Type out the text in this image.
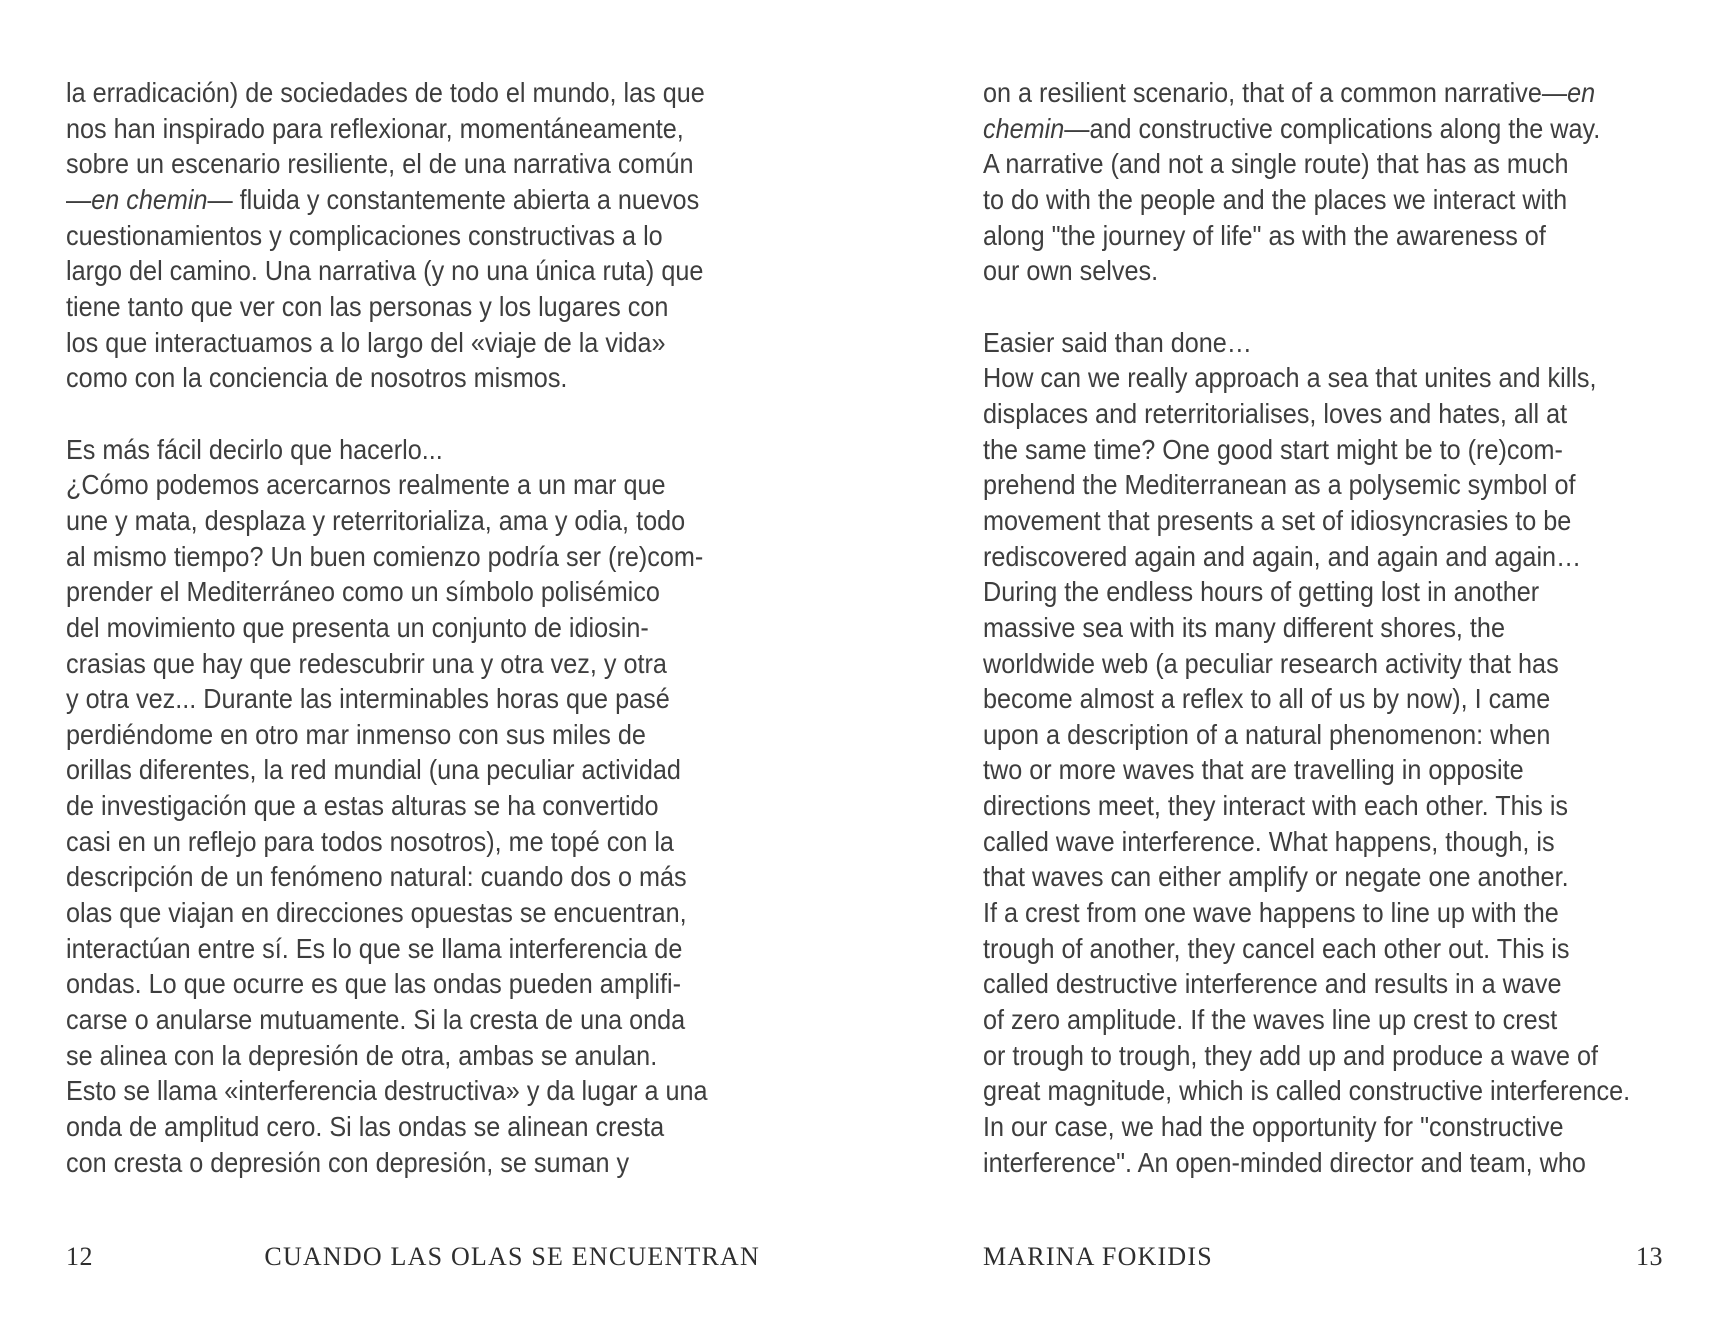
la erradicación) de sociedades de todo el mundo, las que
nos han inspirado para reflexionar, momentáneamente,
sobre un escenario resiliente, el de una narrativa común
—en chemin— fluida y constantemente abierta a nuevos
cuestionamientos y complicaciones constructivas a lo
largo del camino. Una narrativa (y no una única ruta) que
tiene tanto que ver con las personas y los lugares con
los que interactuamos a lo largo del «viaje de la vida»
como con la conciencia de nosotros mismos.

Es más fácil decirlo que hacerlo...
¿Cómo podemos acercarnos realmente a un mar que
une y mata, desplaza y reterritorializa, ama y odia, todo
al mismo tiempo? Un buen comienzo podría ser (re)com-
prender el Mediterráneo como un símbolo polisémico
del movimiento que presenta un conjunto de idiosin-
crasias que hay que redescubrir una y otra vez, y otra
y otra vez... Durante las interminables horas que pasé
perdiéndome en otro mar inmenso con sus miles de
orillas diferentes, la red mundial (una peculiar actividad
de investigación que a estas alturas se ha convertido
casi en un reflejo para todos nosotros), me topé con la
descripción de un fenómeno natural: cuando dos o más
olas que viajan en direcciones opuestas se encuentran,
interactúan entre sí. Es lo que se llama interferencia de
ondas. Lo que ocurre es que las ondas pueden amplifi-
carse o anularse mutuamente. Si la cresta de una onda
se alinea con la depresión de otra, ambas se anulan.
Esto se llama «interferencia destructiva» y da lugar a una
onda de amplitud cero. Si las ondas se alinean cresta
con cresta o depresión con depresión, se suman y
on a resilient scenario, that of a common narrative—en
chemin—and constructive complications along the way.
A narrative (and not a single route) that has as much
to do with the people and the places we interact with
along "the journey of life" as with the awareness of
our own selves.

Easier said than done…
How can we really approach a sea that unites and kills,
displaces and reterritorialises, loves and hates, all at
the same time? One good start might be to (re)com-
prehend the Mediterranean as a polysemic symbol of
movement that presents a set of idiosyncrasies to be
rediscovered again and again, and again and again…
During the endless hours of getting lost in another
massive sea with its many different shores, the
worldwide web (a peculiar research activity that has
become almost a reflex to all of us by now), I came
upon a description of a natural phenomenon: when
two or more waves that are travelling in opposite
directions meet, they interact with each other. This is
called wave interference. What happens, though, is
that waves can either amplify or negate one another.
If a crest from one wave happens to line up with the
trough of another, they cancel each other out. This is
called destructive interference and results in a wave
of zero amplitude. If the waves line up crest to crest
or trough to trough, they add up and produce a wave of
great magnitude, which is called constructive interference.
In our case, we had the opportunity for "constructive
interference". An open-minded director and team, who
12	CUANDO LAS OLAS SE ENCUENTRAN	MARINA FOKIDIS	13
